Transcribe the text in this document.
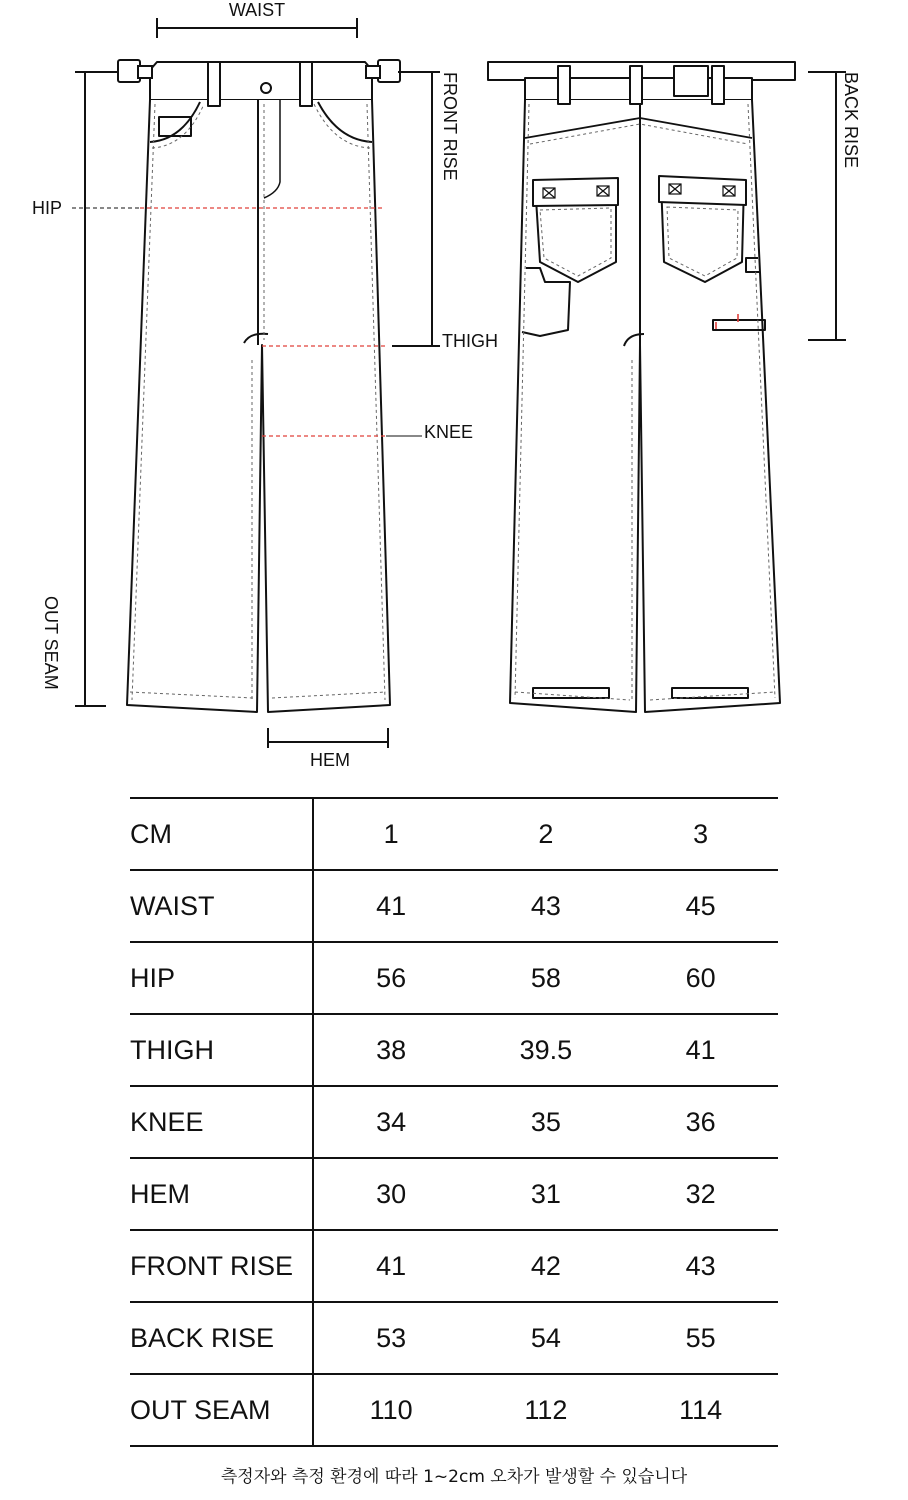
WAIST
HIP
FRONT RISE
THIGH
KNEE
OUT SEAM
HEM
BACK RISE
CM	1	2	3
WAIST	41	43	45
HIP	56	58	60
THIGH	38	39.5	41
KNEE	34	35	36
HEM	30	31	32
FRONT RISE	41	42	43
BACK RISE	53	54	55
OUT SEAM	110	112	114
측정자와 측정 환경에 따라 1~2cm 오차가 발생할 수 있습니다
